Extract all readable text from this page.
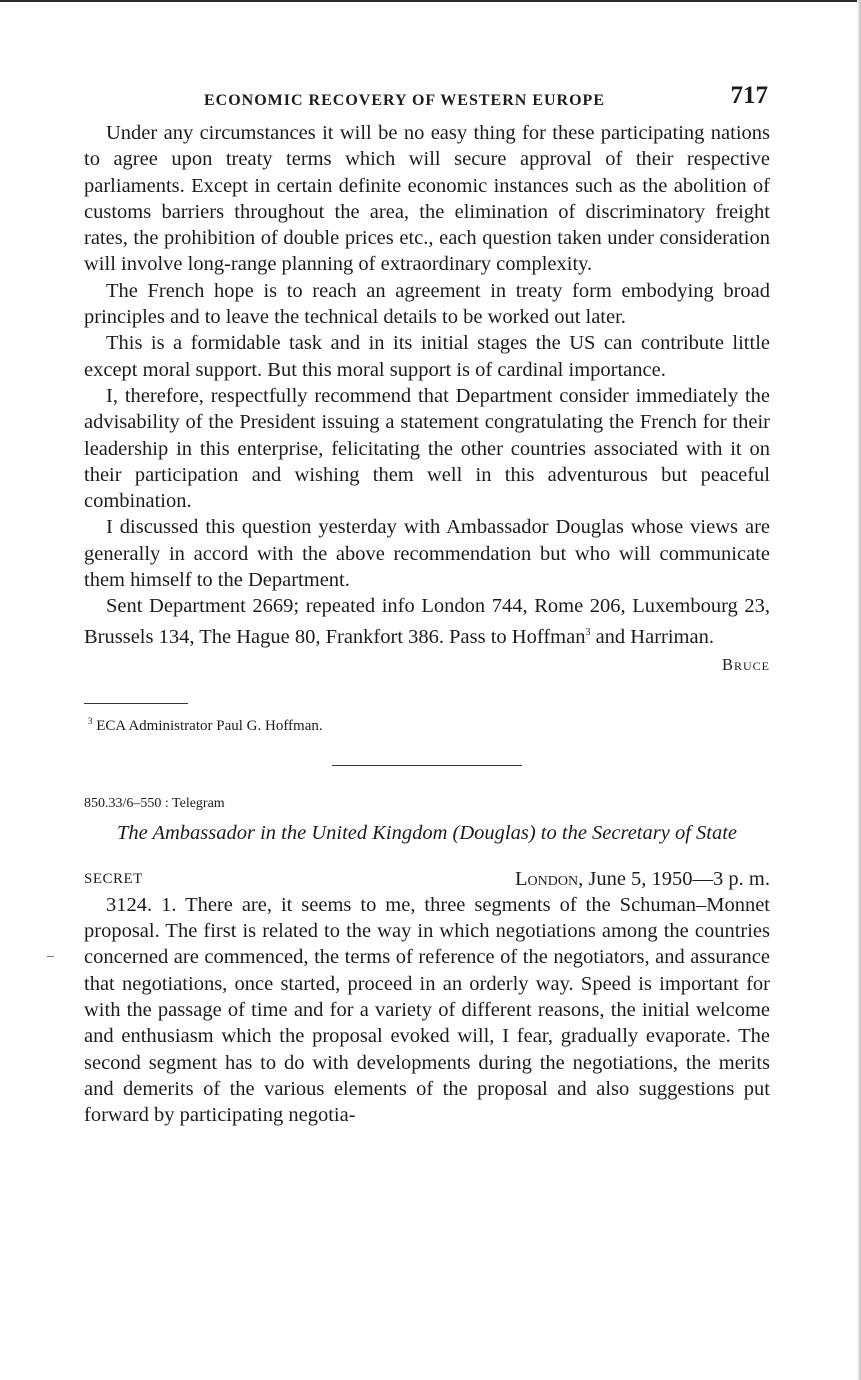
ECONOMIC RECOVERY OF WESTERN EUROPE	717

Under any circumstances it will be no easy thing for these participating nations to agree upon treaty terms which will secure approval of their respective parliaments. Except in certain definite economic instances such as the abolition of customs barriers throughout the area, the elimination of discriminatory freight rates, the prohibition of double prices etc., each question taken under consideration will involve long-range planning of extraordinary complexity.

The French hope is to reach an agreement in treaty form embodying broad principles and to leave the technical details to be worked out later.

This is a formidable task and in its initial stages the US can contribute little except moral support. But this moral support is of cardinal importance.

I, therefore, respectfully recommend that Department consider immediately the advisability of the President issuing a statement congratulating the French for their leadership in this enterprise, felicitating the other countries associated with it on their participation and wishing them well in this adventurous but peaceful combination.

I discussed this question yesterday with Ambassador Douglas whose views are generally in accord with the above recommendation but who will communicate them himself to the Department.

Sent Department 2669; repeated info London 744, Rome 206, Luxembourg 23, Brussels 134, The Hague 80, Frankfort 386. Pass to Hoffman$^3$ and Harriman.

Bruce
$^3$ ECA Administrator Paul G. Hoffman.
850.33/6–550 : Telegram
The Ambassador in the United Kingdom (Douglas) to the Secretary of State
SECRET	London, June 5, 1950—3 p. m.

3124. 1. There are, it seems to me, three segments of the Schuman–Monnet proposal. The first is related to the way in which negotiations among the countries concerned are commenced, the terms of reference of the negotiators, and assurance that negotiations, once started, proceed in an orderly way. Speed is important for with the passage of time and for a variety of different reasons, the initial welcome and enthusiasm which the proposal evoked will, I fear, gradually evaporate. The second segment has to do with developments during the negotiations, the merits and demerits of the various elements of the proposal and also suggestions put forward by participating negotia-
